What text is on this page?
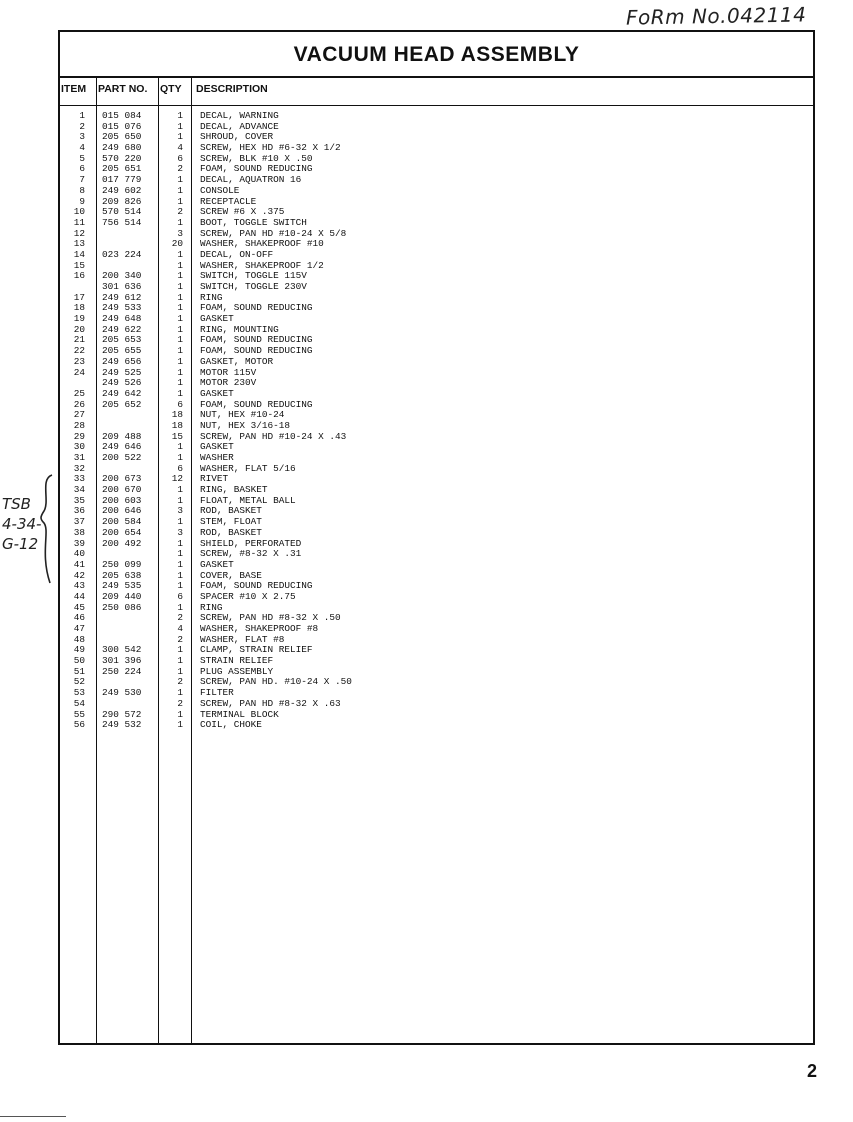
FoRm No.042114
VACUUM HEAD ASSEMBLY
ITEM PART NO. QTY DESCRIPTION
1 015 084	1 DECAL, WARNING
2 015 076	1 DECAL, ADVANCE
3 205 650	1 SHROUD, COVER
4 249 680	4 SCREW, HEX HD #6-32 X 1/2
5 570 220	6 SCREW, BLK #10 X .50
6 205 651	2 FOAM, SOUND REDUCING
7 017 779	1 DECAL, AQUATRON 16
8 249 602	1 CONSOLE
9 209 826	1 RECEPTACLE
10 570 514	2 SCREW #6 X .375
11 756 514	1 BOOT, TOGGLE SWITCH
12	3 SCREW, PAN HD #10-24 X 5/8
13	20 WASHER, SHAKEPROOF #10
14 023 224	1 DECAL, ON-OFF
15	1 WASHER, SHAKEPROOF 1/2
16 200 340	1 SWITCH, TOGGLE 115V
301 636	1 SWITCH, TOGGLE 230V
17 249 612	1 RING
18 249 533	1 FOAM, SOUND REDUCING
19 249 648	1 GASKET
20 249 622	1 RING, MOUNTING
21 205 653	1 FOAM, SOUND REDUCING
22 205 655	1 FOAM, SOUND REDUCING
23 249 656	1 GASKET, MOTOR
24 249 525	1 MOTOR 115V
249 526	1 MOTOR 230V
25 249 642	1 GASKET
26 205 652	6 FOAM, SOUND REDUCING
27	18 NUT, HEX #10-24
28	18 NUT, HEX 3/16-18
29 209 488	15 SCREW, PAN HD #10-24 X .43
30 249 646	1 GASKET
31 200 522	1 WASHER
32	6 WASHER, FLAT 5/16
33 200 673	12 RIVET
34 200 670	1 RING, BASKET
35 200 603	1 FLOAT, METAL BALL
36 200 646	3 ROD, BASKET
37 200 584	1 STEM, FLOAT
38 200 654	3 ROD, BASKET
39 200 492	1 SHIELD, PERFORATED
40	1 SCREW, #8-32 X .31
41 250 099	1 GASKET
42 205 638	1 COVER, BASE
43 249 535	1 FOAM, SOUND REDUCING
44 209 440	6 SPACER #10 X 2.75
45 250 086	1 RING
46	2 SCREW, PAN HD #8-32 X .50
47	4 WASHER, SHAKEPROOF #8
48	2 WASHER, FLAT #8
49 300 542	1 CLAMP, STRAIN RELIEF
50 301 396	1 STRAIN RELIEF
51 250 224	1 PLUG ASSEMBLY
52	2 SCREW, PAN HD. #10-24 X .50
53 249 530	1 FILTER
54	2 SCREW, PAN HD #8-32 X .63
55 290 572	1 TERMINAL BLOCK
56 249 532	1 COIL, CHOKE
TSB
4-34-
G-12
2
